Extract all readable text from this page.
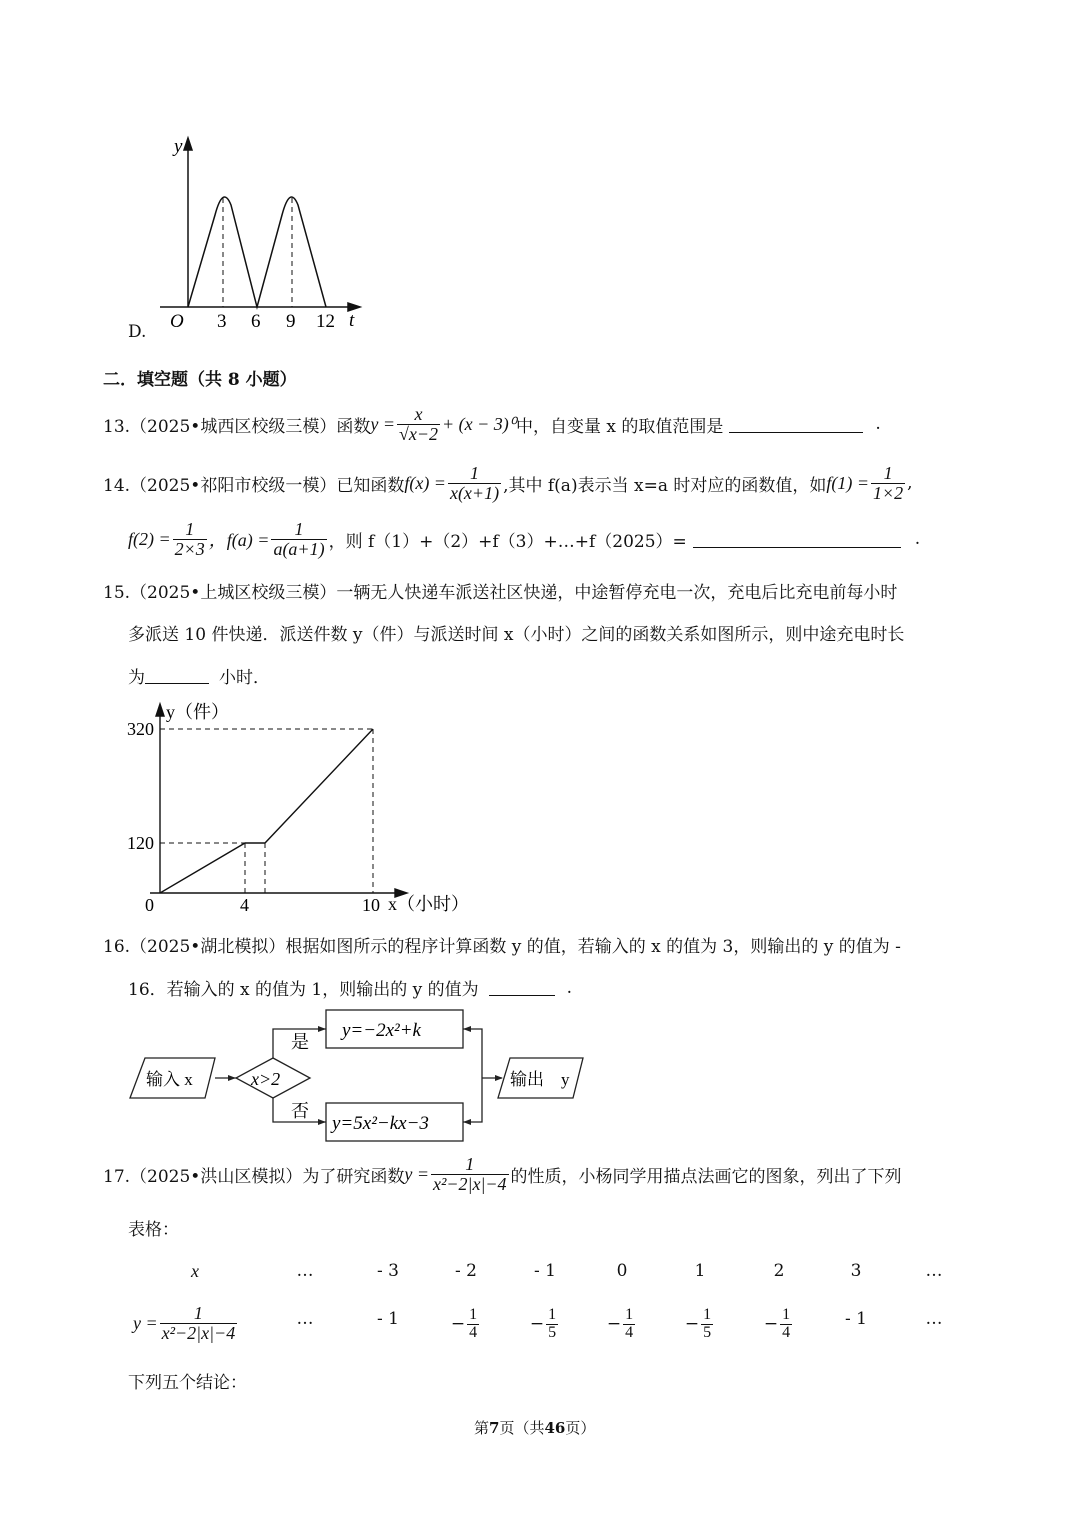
y
t
O 3 6 9 12
D.
二．填空题（共 8 小题）
13.（2025•城西区校级三模）函数 $y = \frac{x}{√x-2} + (x - 3)^0$ 中，自变量 x 的取值范围是	.
14.（2025•祁阳市校级一模）已知函数 $f(x) = \frac{1}{x(x+1)}$ ,其中 f(a)表示当 x=a 时对应的函数值，如 $f(1) = \frac{1}{1\times 2}$ ,
$f(2) = \frac{1}{2\times 3}$ ，$f(a) = \frac{1}{a(a+1)}$ ，则 f（1）+（2）+f（3）+…+f（2025）=	.
15.（2025•上城区校级三模）一辆无人快递车派送社区快递，中途暂停充电一次，充电后比充电前每小时
多派送 10 件快递．派送件数 y（件）与派送时间 x（小时）之间的函数关系如图所示，则中途充电时长
为	小时．
y（件）
x（小时）
320
120
0	4	10
16.（2025•湖北模拟）根据如图所示的程序计算函数 y 的值，若输入的 x 的值为 3，则输出的 y 的值为 -
16．若输入的 x 的值为 1，则输出的 y 的值为	.
输入 x	x>2
是
否
y=−2x²+k
y=5x²−kx−3
输出　y
17.（2025•洪山区模拟）为了研究函数 $y = \frac{1}{\text{x²−2|x|−4}}$ 的性质，小杨同学用描点法画它的图象，列出了下列
表格：
x	…	- 3	- 2	- 1	0	1	2	3	…
$y = \frac{1}{\text{x²−2|x|−4}}$	…	- 1	− $\frac{1}{4}$	− $\frac{1}{5}$	− $\frac{1}{4}$	− $\frac{1}{5}$	− $\frac{1}{4}$	- 1	…
下列五个结论：
第 7 页（共 46 页）
